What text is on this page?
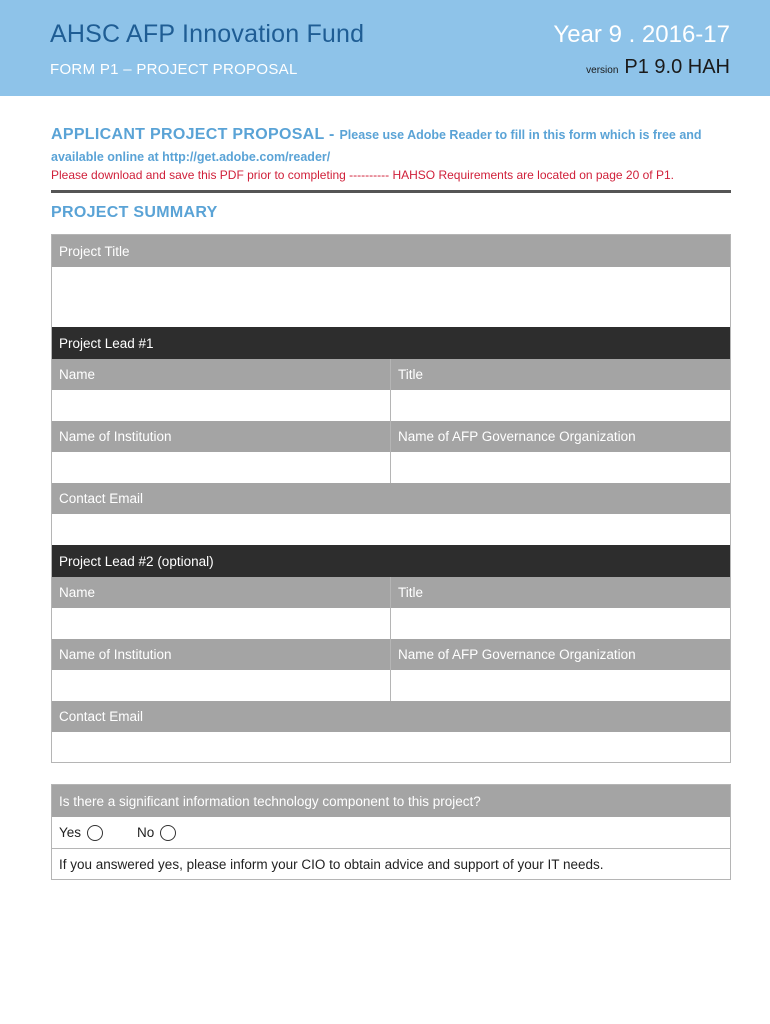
AHSC AFP Innovation Fund
FORM P1 – PROJECT PROPOSAL
Year 9 . 2016-17
version P1 9.0 HAH
APPLICANT PROJECT PROPOSAL - Please use Adobe Reader to fill in this form which is free and available online at http://get.adobe.com/reader/
Please download and save this PDF prior to completing ---------- HAHSO Requirements are located on page 20 of P1.
PROJECT SUMMARY
Project Title
Project Lead #1
Name	Title
Name of Institution	Name of AFP Governance Organization
Contact Email
Project Lead #2 (optional)
Name	Title
Name of Institution	Name of AFP Governance Organization
Contact Email
Is there a significant information technology component to this project?
Yes	No
If you answered yes, please inform your CIO to obtain advice and support of your IT needs.
